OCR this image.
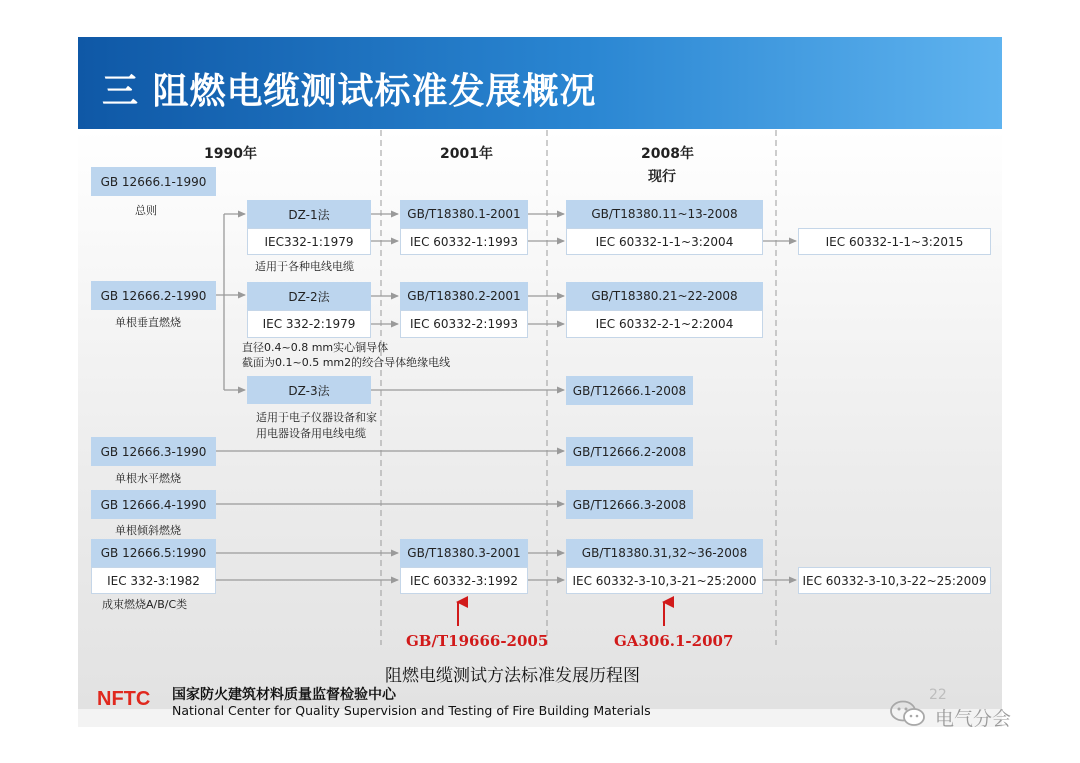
三 阻燃电缆测试标准发展概况
1990年	2001年	2008年
现行
GB 12666.1-1990
总则
GB 12666.2-1990
单根垂直燃烧
GB 12666.3-1990
单根水平燃烧
GB 12666.4-1990
单根倾斜燃烧
GB 12666.5:1990
IEC 332-3:1982
成束燃烧A/B/C类
DZ-1法
IEC332-1:1979
适用于各种电线电缆
DZ-2法
IEC 332-2:1979
直径0.4~0.8 mm实心铜导体
截面为0.1~0.5 mm2的绞合导体绝缘电线
DZ-3法
适用于电子仪器设备和家
用电器设备用电线电缆
GB/T18380.1-2001
IEC 60332-1:1993
GB/T18380.2-2001
IEC 60332-2:1993
GB/T18380.3-2001
IEC 60332-3:1992
GB/T18380.11~13-2008
IEC 60332-1-1~3:2004
GB/T18380.21~22-2008
IEC 60332-2-1~2:2004
GB/T12666.1-2008
GB/T12666.2-2008
GB/T12666.3-2008
GB/T18380.31,32~36-2008
IEC 60332-3-10,3-21~25:2000
IEC 60332-1-1~3:2015
IEC 60332-3-10,3-22~25:2009
GB/T19666-2005	GA306.1-2007
阻燃电缆测试方法标准发展历程图
NFTC 国家防火建筑材料质量监督检验中心
National Center for Quality Supervision and Testing of Fire Building Materials
22
电气分会
